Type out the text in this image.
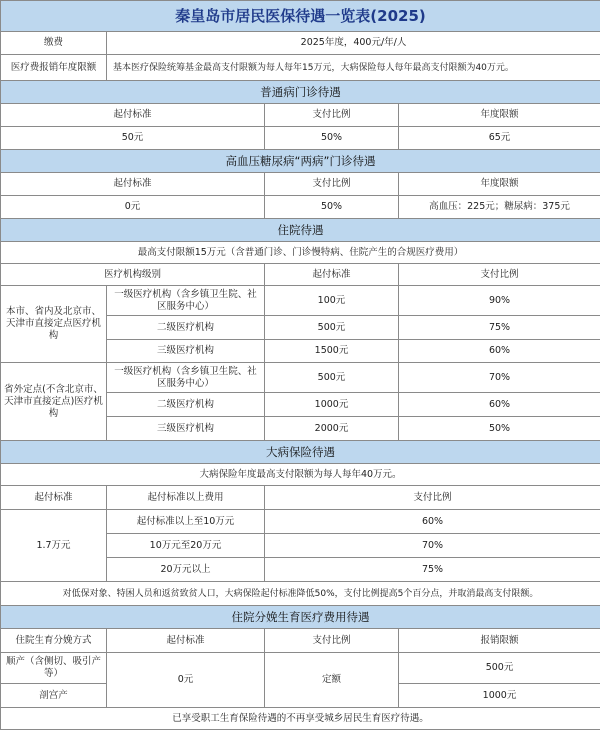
秦皇岛市居民医保待遇一览表(2025)			
缴费	2025年度，400元/年/人		
医疗费报销年度限额	基本医疗保险统筹基金最高支付限额为每人每年15万元，大病保险每人每年最高支付限额为40万元。		
普通病门诊待遇			
起付标准		支付比例	年度限额
50元		50%	65元
高血压糖尿病“两病”门诊待遇			
起付标准		支付比例	年度限额
0元		50%	高血压：225元；糖尿病：375元
住院待遇			
最高支付限额15万元（含普通门诊、门诊慢特病、住院产生的合规医疗费用）			
医疗机构级别		起付标准	支付比例
本市、省内及北京市、天津市直接定点医疗机构	一级医疗机构（含乡镇卫生院、社区服务中心）	100元	90%
	二级医疗机构	500元	75%
	三级医疗机构	1500元	60%
省外定点(不含北京市、天津市直接定点)医疗机构	一级医疗机构（含乡镇卫生院、社区服务中心）	500元	70%
	二级医疗机构	1000元	60%
	三级医疗机构	2000元	50%
大病保险待遇			
大病保险年度最高支付限额为每人每年40万元。			
起付标准	起付标准以上费用	支付比例	
1.7万元	起付标准以上至10万元	60%	
	10万元至20万元	70%	
	20万元以上	75%	
对低保对象、特困人员和返贫致贫人口，大病保险起付标准降低50%，支付比例提高5个百分点，并取消最高支付限额。			
住院分娩生育医疗费用待遇			
住院生育分娩方式	起付标准	支付比例	报销限额
顺产（含侧切、吸引产等）	0元	定额	500元
剖宫产			1000元
已享受职工生育保险待遇的不再享受城乡居民生育医疗待遇。			
